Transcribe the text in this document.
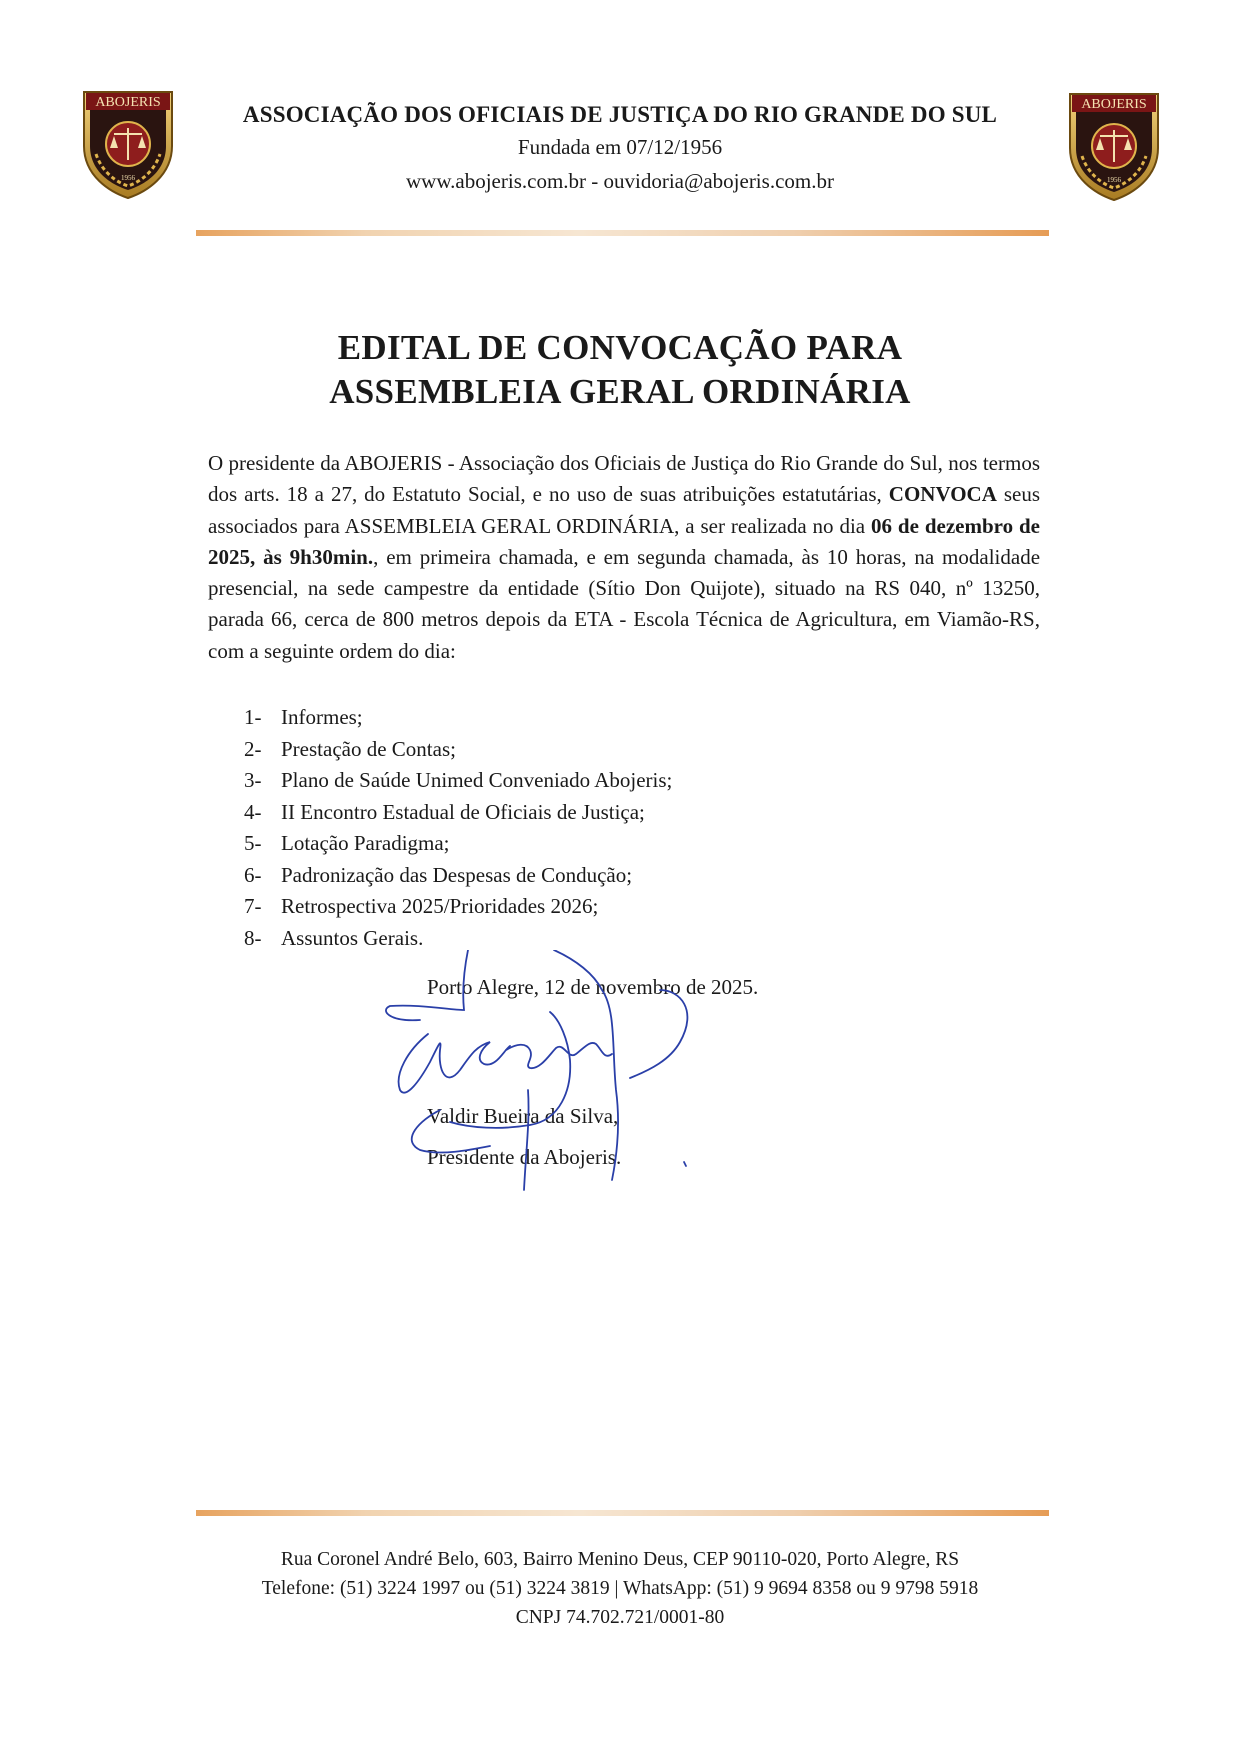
ABOJERIS
1956
ABOJERIS
1956
ASSOCIAÇÃO DOS OFICIAIS DE JUSTIÇA DO RIO GRANDE DO SUL
Fundada em 07/12/1956
www.abojeris.com.br - ouvidoria@abojeris.com.br
EDITAL DE CONVOCAÇÃO PARA
ASSEMBLEIA GERAL ORDINÁRIA
O presidente da ABOJERIS - Associação dos Oficiais de Justiça do Rio Grande do Sul, nos termos dos arts. 18 a 27, do Estatuto Social, e no uso de suas atribuições estatutárias, CONVOCA seus associados para ASSEMBLEIA GERAL ORDINÁRIA, a ser realizada no dia 06 de dezembro de 2025, às 9h30min., em primeira chamada, e em segunda chamada, às 10 horas, na modalidade presencial, na sede campestre da entidade (Sítio Don Quijote), situado na RS 040, nº 13250, parada 66, cerca de 800 metros depois da ETA - Escola Técnica de Agricultura, em Viamão-RS, com a seguinte ordem do dia:
1- Informes;
2- Prestação de Contas;
3- Plano de Saúde Unimed Conveniado Abojeris;
4- II Encontro Estadual de Oficiais de Justiça;
5- Lotação Paradigma;
6- Padronização das Despesas de Condução;
7- Retrospectiva 2025/Prioridades 2026;
8- Assuntos Gerais.
Porto Alegre, 12 de novembro de 2025.
Valdir Bueira da Silva,
Presidente da Abojeris.
Rua Coronel André Belo, 603, Bairro Menino Deus, CEP 90110-020, Porto Alegre, RS
Telefone: (51) 3224 1997 ou (51) 3224 3819 | WhatsApp: (51) 9 9694 8358 ou 9 9798 5918
CNPJ 74.702.721/0001-80
